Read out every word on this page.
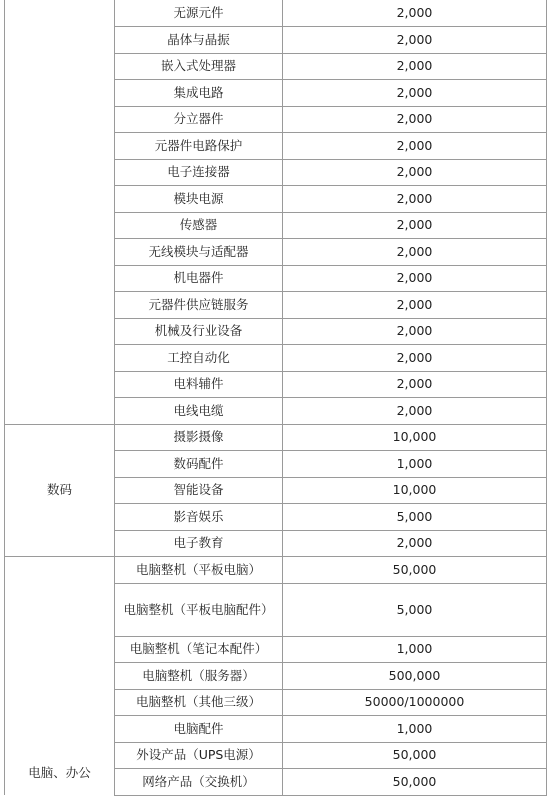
	无源元件	2,000
	晶体与晶振	2,000
	嵌入式处理器	2,000
	集成电路	2,000
	分立器件	2,000
	元器件电路保护	2,000
	电子连接器	2,000
	模块电源	2,000
	传感器	2,000
	无线模块与适配器	2,000
	机电器件	2,000
	元器件供应链服务	2,000
	机械及行业设备	2,000
	工控自动化	2,000
	电料辅件	2,000
	电线电缆	2,000
数码	摄影摄像	10,000
	数码配件	1,000
	智能设备	10,000
	影音娱乐	5,000
	电子教育	2,000
电脑、办公	电脑整机（平板电脑）	50,000
	电脑整机（平板电脑配件）	5,000
	电脑整机（笔记本配件）	1,000
	电脑整机（服务器）	500,000
	电脑整机（其他三级）	50000/1000000
	电脑配件	1,000
	外设产品（UPS电源）	50,000
	网络产品（交换机）	50,000
